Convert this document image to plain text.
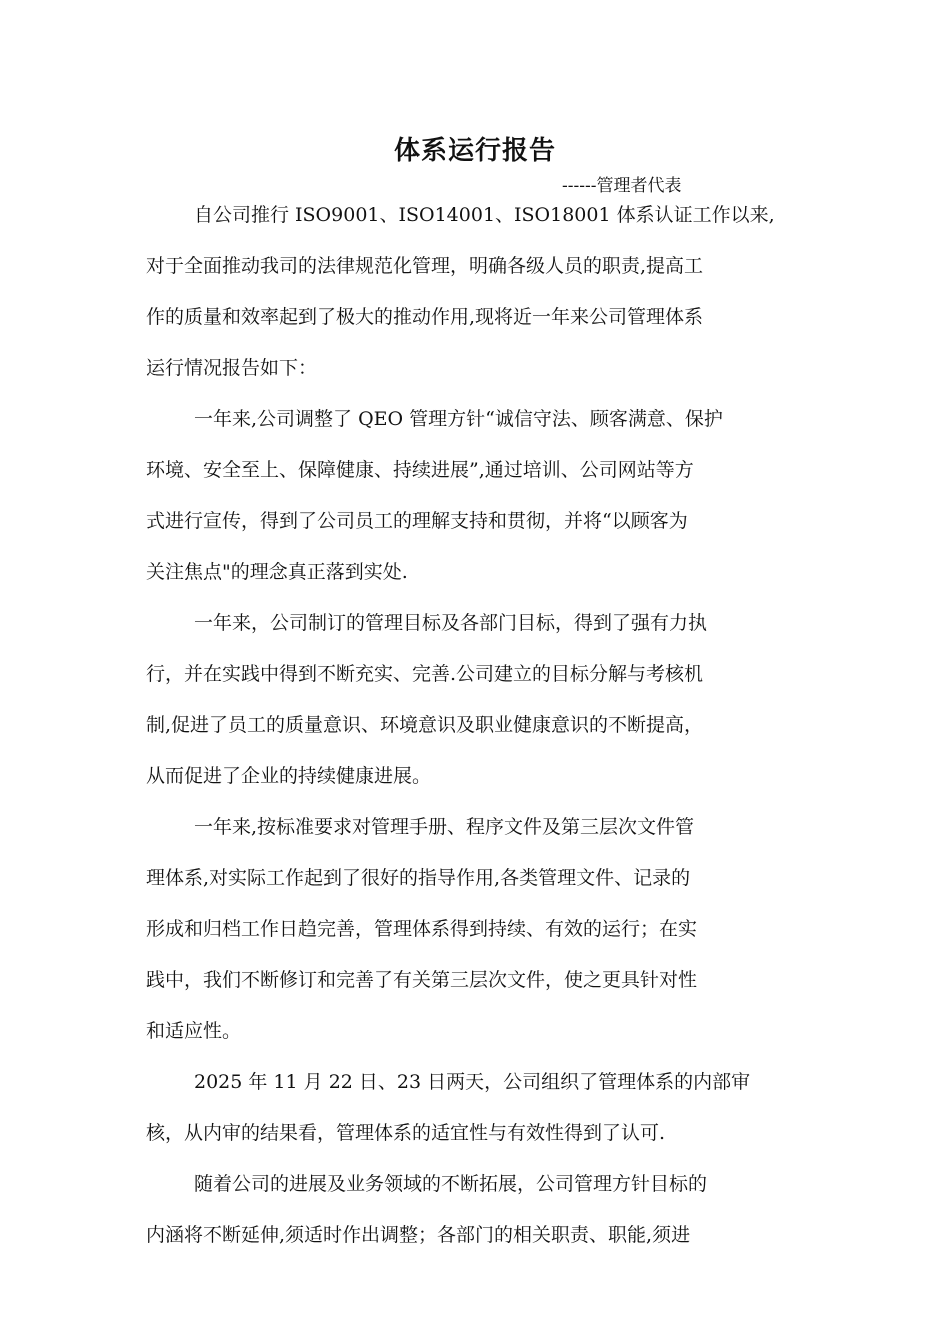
体系运行报告
------管理者代表
自公司推行 ISO9001、ISO14001、ISO18001 体系认证工作以来,
对于全面推动我司的法律规范化管理，明确各级人员的职责,提高工
作的质量和效率起到了极大的推动作用,现将近一年来公司管理体系
运行情况报告如下：
一年来,公司调整了 QEO 管理方针“诚信守法、顾客满意、保护
环境、安全至上、保障健康、持续进展”,通过培训、公司网站等方
式进行宣传，得到了公司员工的理解支持和贯彻，并将“以顾客为
关注焦点"的理念真正落到实处.
一年来，公司制订的管理目标及各部门目标，得到了强有力执
行，并在实践中得到不断充实、完善.公司建立的目标分解与考核机
制,促进了员工的质量意识、环境意识及职业健康意识的不断提高，
从而促进了企业的持续健康进展。
一年来,按标准要求对管理手册、程序文件及第三层次文件管
理体系,对实际工作起到了很好的指导作用,各类管理文件、记录的
形成和归档工作日趋完善，管理体系得到持续、有效的运行；在实
践中，我们不断修订和完善了有关第三层次文件，使之更具针对性
和适应性。
2025 年 11 月 22 日、23 日两天，公司组织了管理体系的内部审
核，从内审的结果看，管理体系的适宜性与有效性得到了认可.
随着公司的进展及业务领域的不断拓展，公司管理方针目标的
内涵将不断延伸,须适时作出调整；各部门的相关职责、职能,须进
